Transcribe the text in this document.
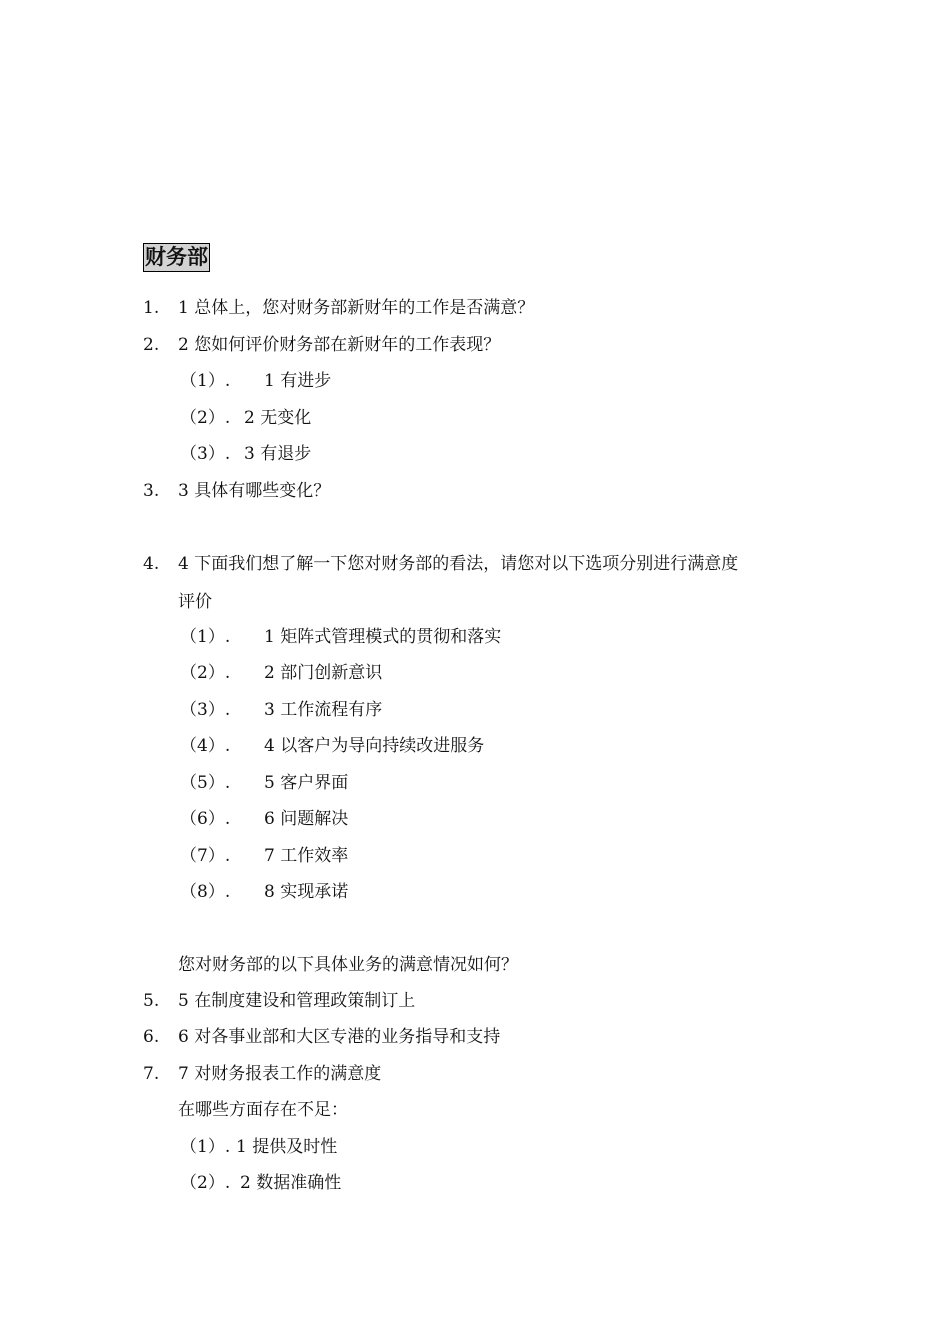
财务部
1. 1 总体上，您对财务部新财年的工作是否满意？
2. 2 您如何评价财务部在新财年的工作表现？
（1）. 1 有进步
（2）. 2 无变化
（3）. 3 有退步
3. 3 具体有哪些变化？
4. 4 下面我们想了解一下您对财务部的看法，请您对以下选项分别进行满意度
评价
（1）. 1 矩阵式管理模式的贯彻和落实
（2）. 2 部门创新意识
（3）. 3 工作流程有序
（4）. 4 以客户为导向持续改进服务
（5）. 5 客户界面
（6）. 6 问题解决
（7）. 7 工作效率
（8）. 8 实现承诺
您对财务部的以下具体业务的满意情况如何？
5. 5 在制度建设和管理政策制订上
6. 6 对各事业部和大区专港的业务指导和支持
7. 7 对财务报表工作的满意度
在哪些方面存在不足：
（1）. 1 提供及时性
（2）. 2 数据准确性
